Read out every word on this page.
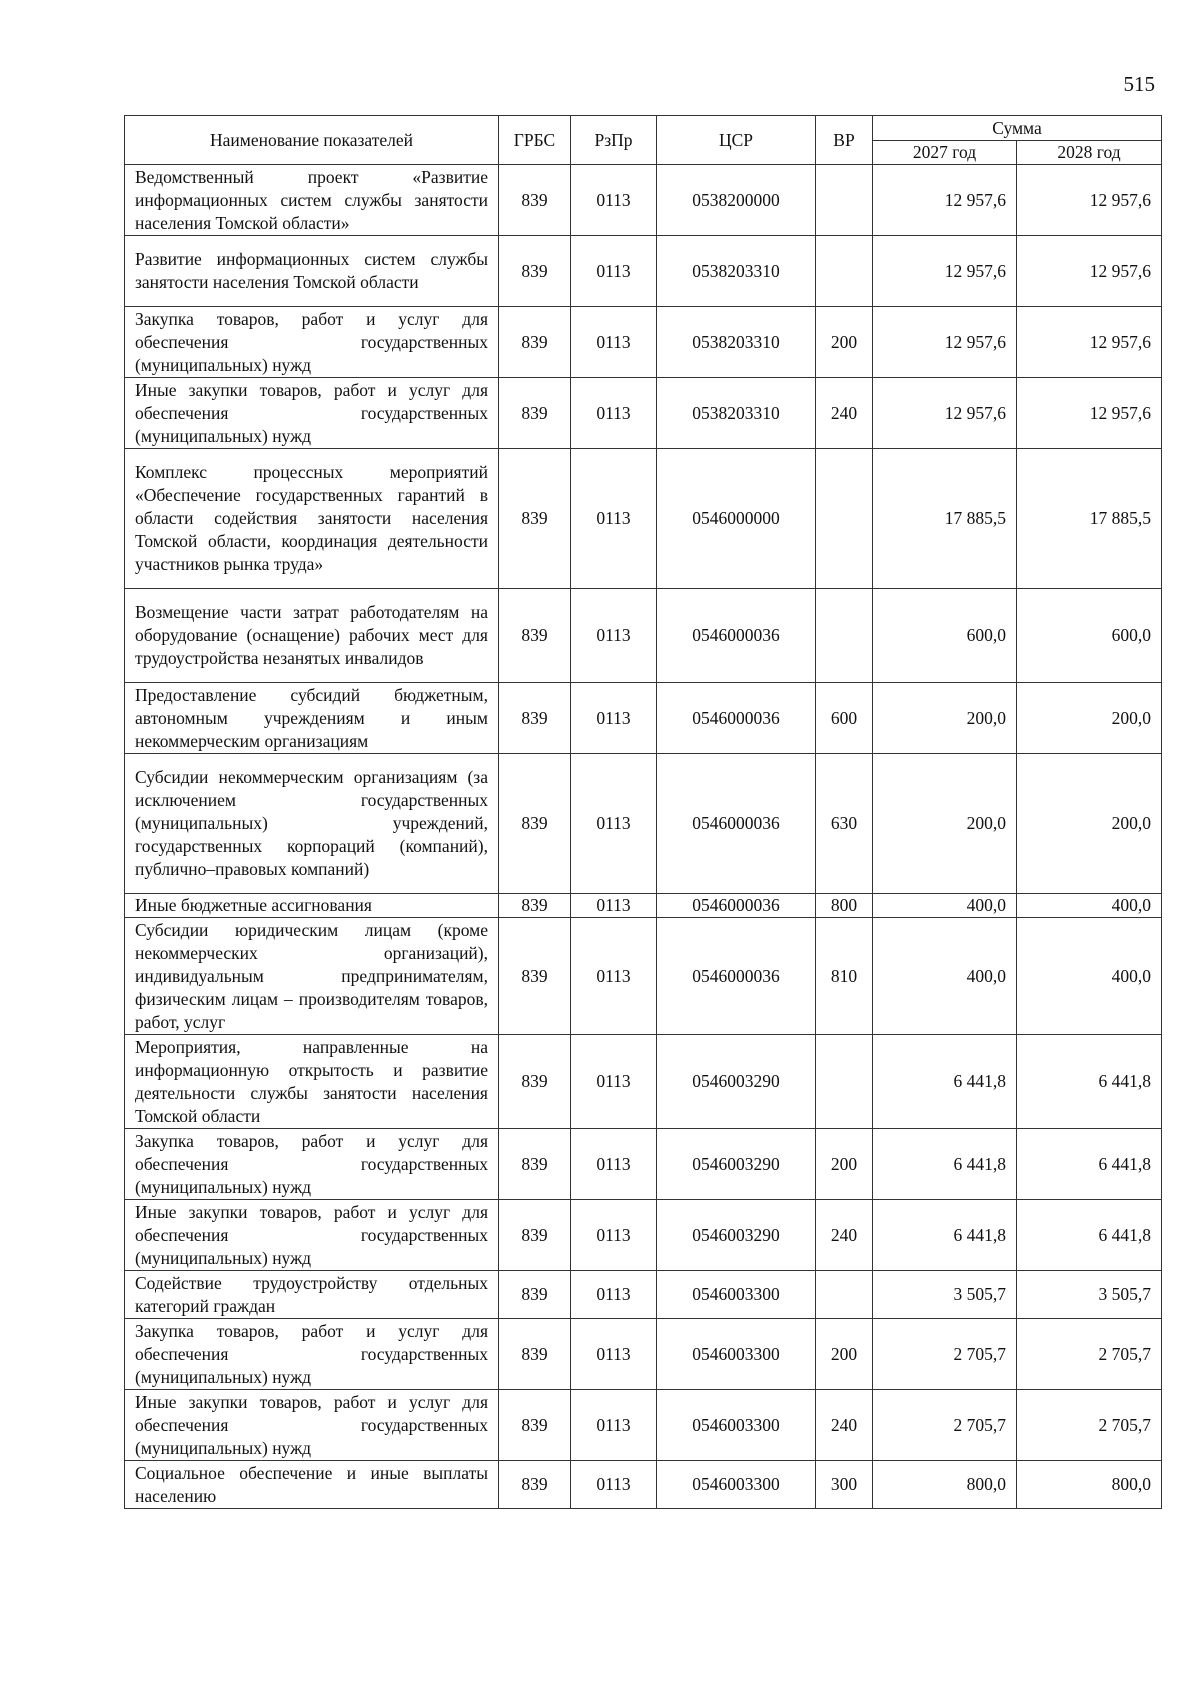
515
Наименование показателей	ГРБС	РзПр	ЦСР	ВР	Сумма	
					2027 год	2028 год
Ведомственный проект «Развитие информационных систем службы занятости населения Томской области»	839	0113	0538200000		12 957,6	12 957,6
Развитие информационных систем службы занятости населения Томской области	839	0113	0538203310		12 957,6	12 957,6
Закупка товаров, работ и услуг для обеспечения государственных (муниципальных) нужд	839	0113	0538203310	200	12 957,6	12 957,6
Иные закупки товаров, работ и услуг для обеспечения государственных (муниципальных) нужд	839	0113	0538203310	240	12 957,6	12 957,6
Комплекс процессных мероприятий «Обеспечение государственных гарантий в области содействия занятости населения Томской области, координация деятельности участников рынка труда»	839	0113	0546000000		17 885,5	17 885,5
Возмещение части затрат работодателям на оборудование (оснащение) рабочих мест для трудоустройства незанятых инвалидов	839	0113	0546000036		600,0	600,0
Предоставление субсидий бюджетным, автономным учреждениям и иным некоммерческим организациям	839	0113	0546000036	600	200,0	200,0
Субсидии некоммерческим организациям (за исключением государственных (муниципальных) учреждений, государственных корпораций (компаний), публично–правовых компаний)	839	0113	0546000036	630	200,0	200,0
Иные бюджетные ассигнования	839	0113	0546000036	800	400,0	400,0
Субсидии юридическим лицам (кроме некоммерческих организаций), индивидуальным предпринимателям, физическим лицам – производителям товаров, работ, услуг	839	0113	0546000036	810	400,0	400,0
Мероприятия, направленные на информационную открытость и развитие деятельности службы занятости населения Томской области	839	0113	0546003290		6 441,8	6 441,8
Закупка товаров, работ и услуг для обеспечения государственных (муниципальных) нужд	839	0113	0546003290	200	6 441,8	6 441,8
Иные закупки товаров, работ и услуг для обеспечения государственных (муниципальных) нужд	839	0113	0546003290	240	6 441,8	6 441,8
Содействие трудоустройству отдельных категорий граждан	839	0113	0546003300		3 505,7	3 505,7
Закупка товаров, работ и услуг для обеспечения государственных (муниципальных) нужд	839	0113	0546003300	200	2 705,7	2 705,7
Иные закупки товаров, работ и услуг для обеспечения государственных (муниципальных) нужд	839	0113	0546003300	240	2 705,7	2 705,7
Социальное обеспечение и иные выплаты населению	839	0113	0546003300	300	800,0	800,0
